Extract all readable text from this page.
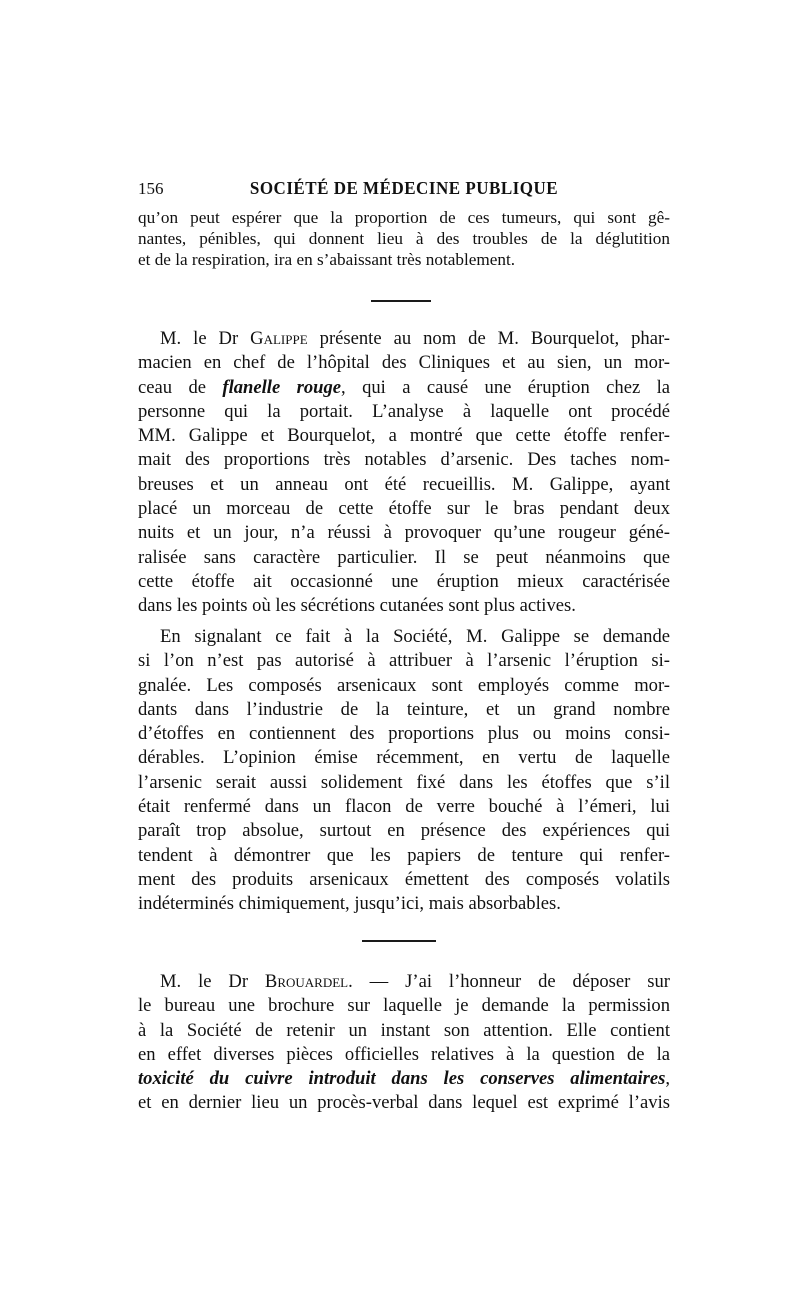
156	SOCIÉTÉ DE MÉDECINE PUBLIQUE
qu’on peut espérer que la proportion de ces tumeurs, qui sont gê-
nantes, pénibles, qui donnent lieu à des troubles de la déglutition
et de la respiration, ira en s’abaissant très notablement.
M. le Dr Galippe présente au nom de M. Bourquelot, phar-
macien en chef de l’hôpital des Cliniques et au sien, un mor-
ceau de flanelle rouge, qui a causé une éruption chez la
personne qui la portait. L’analyse à laquelle ont procédé
MM. Galippe et Bourquelot, a montré que cette étoffe renfer-
mait des proportions très notables d’arsenic. Des taches nom-
breuses et un anneau ont été recueillis. M. Galippe, ayant
placé un morceau de cette étoffe sur le bras pendant deux
nuits et un jour, n’a réussi à provoquer qu’une rougeur géné-
ralisée sans caractère particulier. Il se peut néanmoins que
cette étoffe ait occasionné une éruption mieux caractérisée
dans les points où les sécrétions cutanées sont plus actives.
En signalant ce fait à la Société, M. Galippe se demande
si l’on n’est pas autorisé à attribuer à l’arsenic l’éruption si-
gnalée. Les composés arsenicaux sont employés comme mor-
dants dans l’industrie de la teinture, et un grand nombre
d’étoffes en contiennent des proportions plus ou moins consi-
dérables. L’opinion émise récemment, en vertu de laquelle
l’arsenic serait aussi solidement fixé dans les étoffes que s’il
était renfermé dans un flacon de verre bouché à l’émeri, lui
paraît trop absolue, surtout en présence des expériences qui
tendent à démontrer que les papiers de tenture qui renfer-
ment des produits arsenicaux émettent des composés volatils
indéterminés chimiquement, jusqu’ici, mais absorbables.
M. le Dr Brouardel. — J’ai l’honneur de déposer sur
le bureau une brochure sur laquelle je demande la permission
à la Société de retenir un instant son attention. Elle contient
en effet diverses pièces officielles relatives à la question de la
toxicité du cuivre introduit dans les conserves alimentaires,
et en dernier lieu un procès-verbal dans lequel est exprimé l’avis
